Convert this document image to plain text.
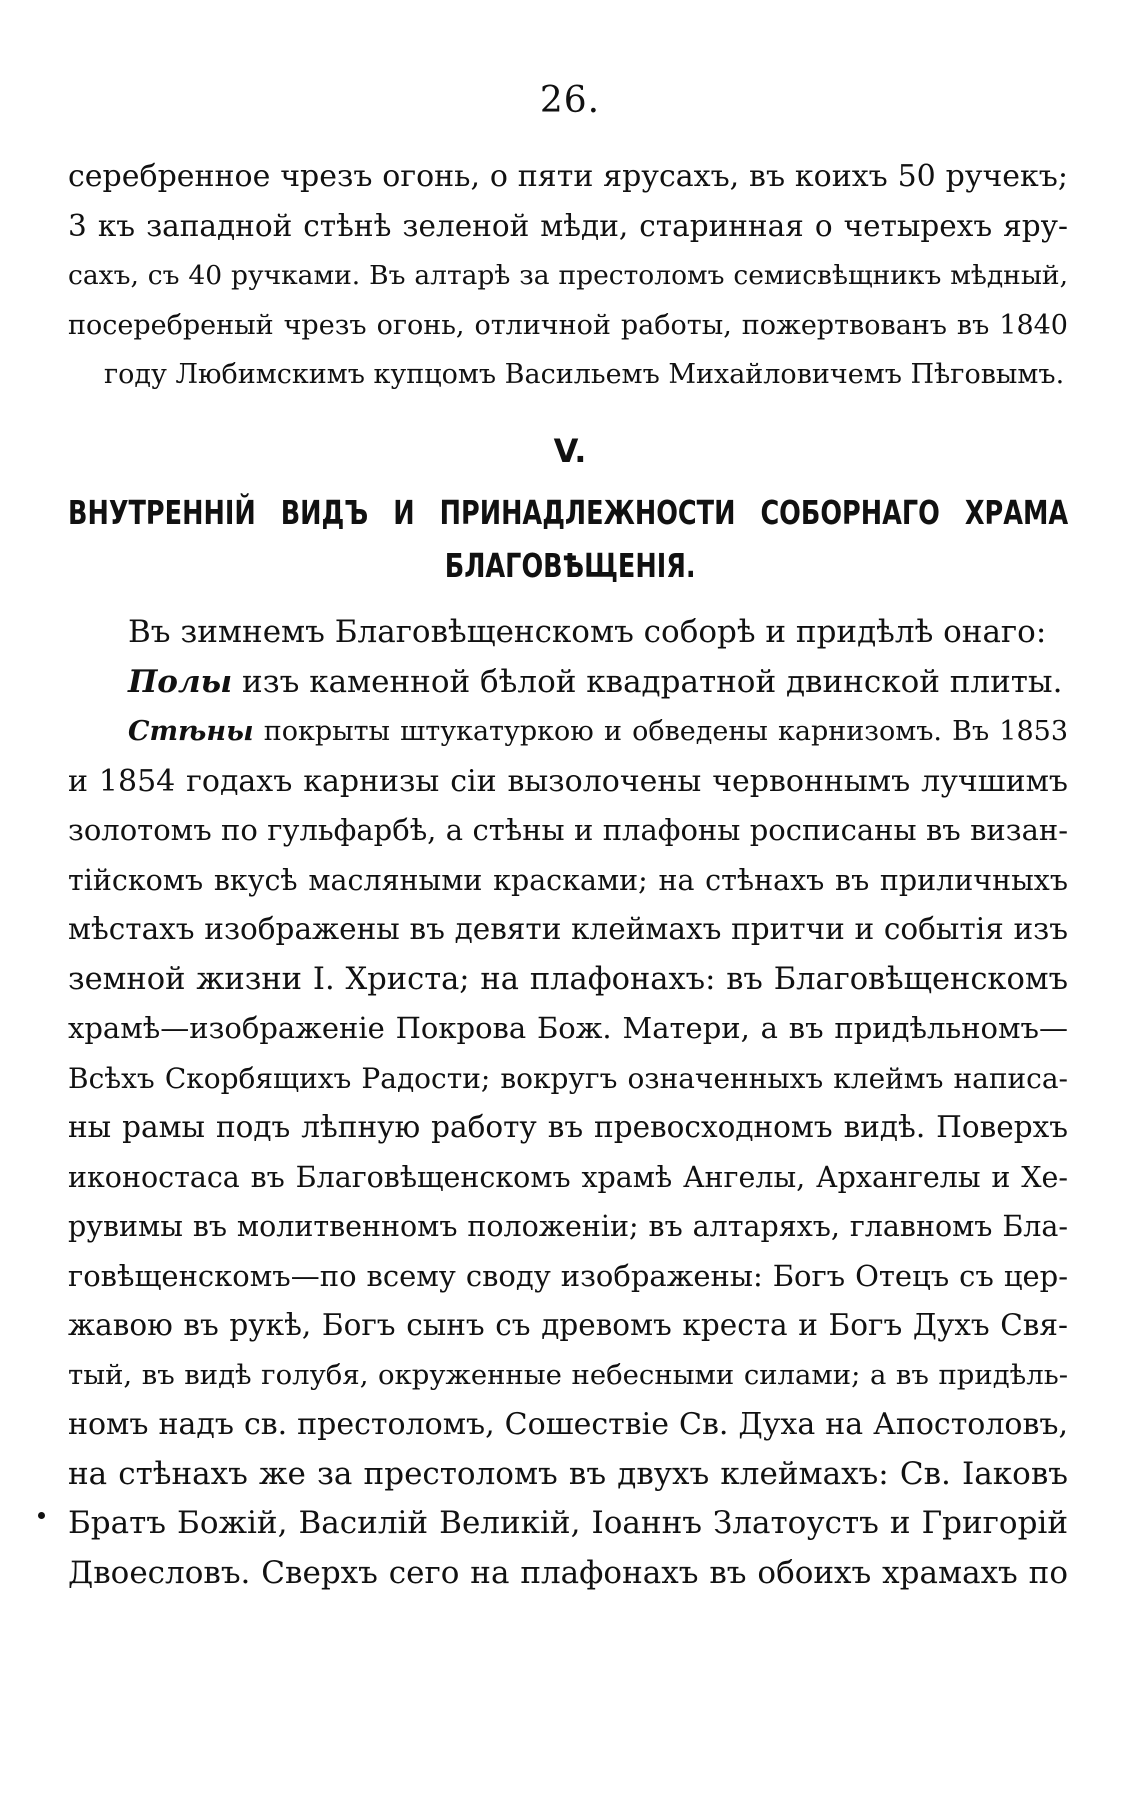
26.
серебренное чрезъ огонь, о пяти ярусахъ, въ коихъ 50 ручекъ;
3 къ западной стѣнѣ зеленой мѣди, старинная о четырехъ яру-
сахъ, съ 40 ручками. Въ алтарѣ за престоломъ семисвѣщникъ мѣдный,
посеребреный чрезъ огонь, отличной работы, пожертвованъ въ 1840
году Любимскимъ купцомъ Васильемъ Михайловичемъ Пѣговымъ.
V.
ВНУТРЕННІЙ ВИДЪ И ПРИНАДЛЕЖНОСТИ СОБОРНАГО ХРАМА
БЛАГОВѢЩЕНІЯ.
Въ зимнемъ Благовѣщенскомъ соборѣ и придѣлѣ онаго:
Полы изъ каменной бѣлой квадратной двинской плиты.
Стѣны покрыты штукатуркою и обведены карнизомъ. Въ 1853
и 1854 годахъ карнизы сіи вызолочены червоннымъ лучшимъ
золотомъ по гульфарбѣ, а стѣны и плафоны росписаны въ визан-
тійскомъ вкусѣ масляными красками; на стѣнахъ въ приличныхъ
мѣстахъ изображены въ девяти клеймахъ притчи и событія изъ
земной жизни І. Христа; на плафонахъ: въ Благовѣщенскомъ
храмѣ—изображеніе Покрова Бож. Матери, а въ придѣльномъ—
Всѣхъ Скорбящихъ Радости; вокругъ означенныхъ клеймъ написа-
ны рамы подъ лѣпную работу въ превосходномъ видѣ. Поверхъ
иконостаса въ Благовѣщенскомъ храмѣ Ангелы, Архангелы и Хе-
рувимы въ молитвенномъ положеніи; въ алтаряхъ, главномъ Бла-
говѣщенскомъ—по всему своду изображены: Богъ Отецъ съ цер-
жавою въ рукѣ, Богъ сынъ съ древомъ креста и Богъ Духъ Свя-
тый, въ видѣ голубя, окруженные небесными силами; а въ придѣль-
номъ надъ св. престоломъ, Сошествіе Св. Духа на Апостоловъ,
на стѣнахъ же за престоломъ въ двухъ клеймахъ: Св. Іаковъ
Братъ Божій, Василій Великій, Іоаннъ Златоустъ и Григорій
Двоесловъ. Сверхъ сего на плафонахъ въ обоихъ храмахъ по
